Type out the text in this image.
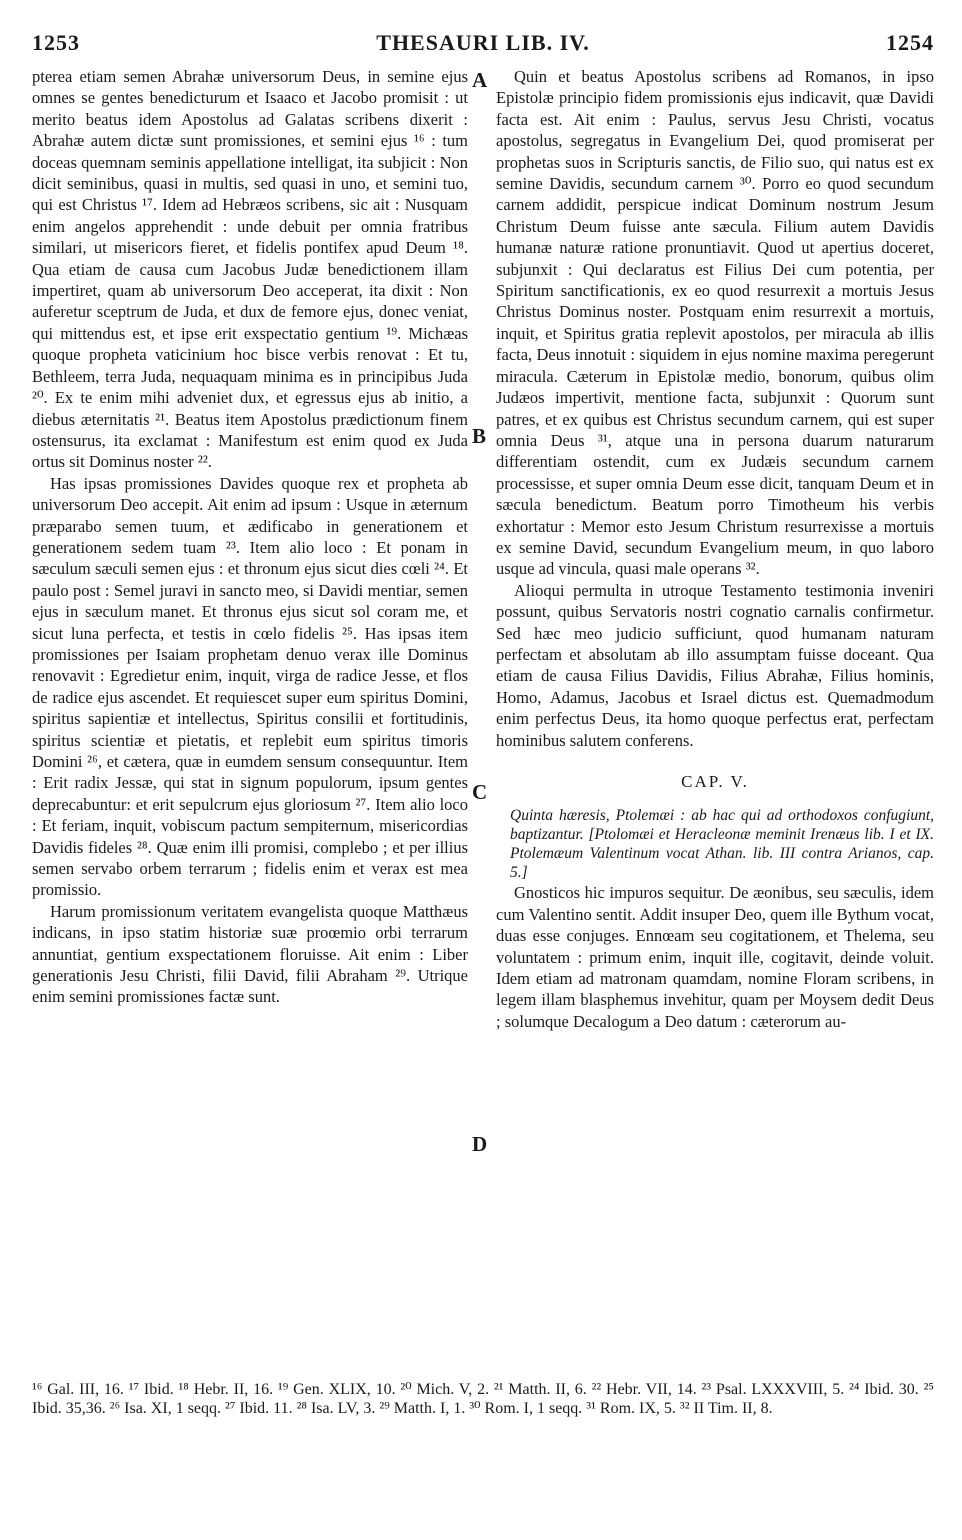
1253	THESAURI LIB. IV.	1254

pterea etiam semen Abrahæ universorum Deus, in semine ejus omnes se gentes benedicturum et Isaaco et Jacobo promisit : ut merito beatus idem Apostolus ad Galatas scribens dixerit : Abrahæ autem dictæ sunt promissiones, et semini ejus ¹⁶ : tum doceas quemnam seminis appellatione intelligat, ita subjicit : Non dicit seminibus, quasi in multis, sed quasi in uno, et semini tuo, qui est Christus ¹⁷. Idem ad Hebræos scribens, sic ait : Nusquam enim angelos apprehendit : unde debuit per omnia fratribus similari, ut misericors fieret, et fidelis pontifex apud Deum ¹⁸. Qua etiam de causa cum Jacobus Judæ benedictionem illam impertiret, quam ab universorum Deo acceperat, ita dixit : Non auferetur sceptrum de Juda, et dux de femore ejus, donec veniat, qui mittendus est, et ipse erit exspectatio gentium ¹⁹. Michæas quoque propheta vaticinium hoc bisce verbis renovat : Et tu, Bethleem, terra Juda, nequaquam minima es in principibus Juda ²⁰. Ex te enim mihi adveniet dux, et egressus ejus ab initio, a diebus æternitatis ²¹. Beatus item Apostolus prædictionum finem ostensurus, ita exclamat : Manifestum est enim quod ex Juda ortus sit Dominus noster ²².

Has ipsas promissiones Davides quoque rex et propheta ab universorum Deo accepit. Ait enim ad ipsum : Usque in æternum præparabo semen tuum, et ædificabo in generationem et generationem sedem tuam ²³. Item alio loco : Et ponam in sæculum sæculi semen ejus : et thronum ejus sicut dies cœli ²⁴. Et paulo post : Semel juravi in sancto meo, si Davidi mentiar, semen ejus in sæculum manet. Et thronus ejus sicut sol coram me, et sicut luna perfecta, et testis in cœlo fidelis ²⁵. Has ipsas item promissiones per Isaiam prophetam denuo verax ille Dominus renovavit : Egredietur enim, inquit, virga de radice Jesse, et flos de radice ejus ascendet. Et requiescet super eum spiritus Domini, spiritus sapientiæ et intellectus, Spiritus consilii et fortitudinis, spiritus scientiæ et pietatis, et replebit eum spiritus timoris Domini ²⁶, et cætera, quæ in eumdem sensum consequuntur. Item : Erit radix Jessæ, qui stat in signum populorum, ipsum gentes deprecabuntur: et erit sepulcrum ejus gloriosum ²⁷. Item alio loco : Et feriam, inquit, vobiscum pactum sempiternum, misericordias Davidis fideles ²⁸. Quæ enim illi promisi, complebo ; et per illius semen servabo orbem terrarum ; fidelis enim et verax est mea promissio.

Harum promissionum veritatem evangelista quoque Matthæus indicans, in ipso statim historiæ suæ proœmio orbi terrarum annuntiat, gentium exspectationem floruisse. Ait enim : Liber generationis Jesu Christi, filii David, filii Abraham ²⁹. Utrique enim semini promissiones factæ sunt.

A
B
C
D

Quin et beatus Apostolus scribens ad Romanos, in ipso Epistolæ principio fidem promissionis ejus indicavit, quæ Davidi facta est. Ait enim : Paulus, servus Jesu Christi, vocatus apostolus, segregatus in Evangelium Dei, quod promiserat per prophetas suos in Scripturis sanctis, de Filio suo, qui natus est ex semine Davidis, secundum carnem ³⁰. Porro eo quod secundum carnem addidit, perspicue indicat Dominum nostrum Jesum Christum Deum fuisse ante sæcula. Filium autem Davidis humanæ naturæ ratione pronuntiavit. Quod ut apertius doceret, subjunxit : Qui declaratus est Filius Dei cum potentia, per Spiritum sanctificationis, ex eo quod resurrexit a mortuis Jesus Christus Dominus noster. Postquam enim resurrexit a mortuis, inquit, et Spiritus gratia replevit apostolos, per miracula ab illis facta, Deus innotuit : siquidem in ejus nomine maxima peregerunt miracula. Cæterum in Epistolæ medio, bonorum, quibus olim Judæos impertivit, mentione facta, subjunxit : Quorum sunt patres, et ex quibus est Christus secundum carnem, qui est super omnia Deus ³¹, atque una in persona duarum naturarum differentiam ostendit, cum ex Judæis secundum carnem processisse, et super omnia Deum esse dicit, tanquam Deum et in sæcula benedictum. Beatum porro Timotheum his verbis exhortatur : Memor esto Jesum Christum resurrexisse a mortuis ex semine David, secundum Evangelium meum, in quo laboro usque ad vincula, quasi male operans ³².

Alioqui permulta in utroque Testamento testimonia inveniri possunt, quibus Servatoris nostri cognatio carnalis confirmetur. Sed hæc meo judicio sufficiunt, quod humanam naturam perfectam et absolutam ab illo assumptam fuisse doceant. Qua etiam de causa Filius Davidis, Filius Abrahæ, Filius hominis, Homo, Adamus, Jacobus et Israel dictus est. Quemadmodum enim perfectus Deus, ita homo quoque perfectus erat, perfectam hominibus salutem conferens.

CAP. V.

Quinta hæresis, Ptolemæi : ab hac qui ad orthodoxos confugiunt, baptizantur. [Ptolomæi et Heracleonæ meminit Irenæus lib. I et IX. Ptolemæum Valentinum vocat Athan. lib. III contra Arianos, cap. 5.]

Gnosticos hic impuros sequitur. De æonibus, seu sæculis, idem cum Valentino sentit. Addit insuper Deo, quem ille Bythum vocat, duas esse conjuges. Ennœam seu cogitationem, et Thelema, seu voluntatem : primum enim, inquit ille, cogitavit, deinde voluit. Idem etiam ad matronam quamdam, nomine Floram scribens, in legem illam blasphemus invehitur, quam per Moysem dedit Deus ; solumque Decalogum a Deo datum : cæterorum au-

¹⁶ Gal. III, 16. ¹⁷ Ibid. ¹⁸ Hebr. II, 16. ¹⁹ Gen. XLIX, 10. ²⁰ Mich. V, 2. ²¹ Matth. II, 6. ²² Hebr. VII, 14. ²³ Psal. LXXXVIII, 5. ²⁴ Ibid. 30. ²⁵ Ibid. 35,36. ²⁶ Isa. XI, 1 seqq. ²⁷ Ibid. 11. ²⁸ Isa. LV, 3. ²⁹ Matth. I, 1. ³⁰ Rom. I, 1 seqq. ³¹ Rom. IX, 5. ³² II Tim. II, 8.
